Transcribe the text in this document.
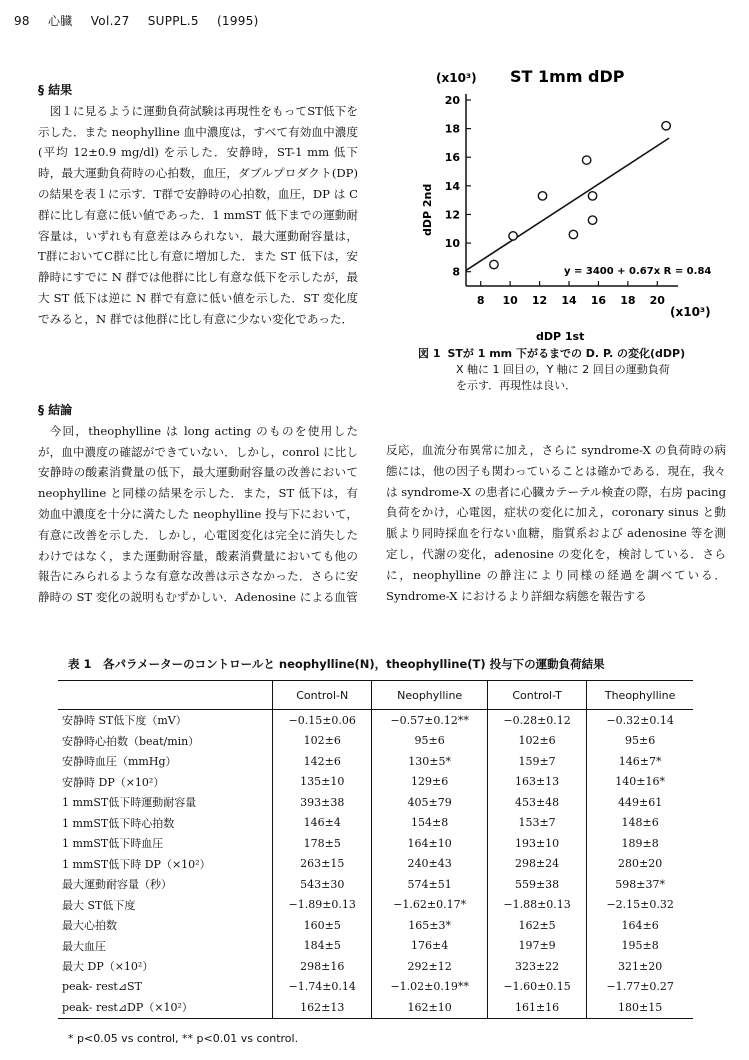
98 心臓 Vol.27 SUPPL.5 (1995)

§ 結果

図１に見るように運動負荷試験は再現性をもってST低下を示した．また neophylline 血中濃度は，すべて有効血中濃度(平均 12±0.9 mg/dl) を示した．安静時，ST-1 mm 低下時，最大運動負荷時の心拍数，血圧，ダブルプロダクト(DP)の結果を表１に示す．T群で安静時の心拍数，血圧，DP は C 群に比し有意に低い値であった．1 mmST 低下までの運動耐容量は，いずれも有意差はみられない．最大運動耐容量は，T群においてC群に比し有意に増加した．また ST 低下は，安静時にすでに N 群では他群に比し有意な低下を示したが，最大 ST 低下は逆に N 群で有意に低い値を示した．ST 変化度でみると，N 群では他群に比し有意に少ない変化であった．

§ 結論

今回，theophylline は long acting のものを使用したが，血中濃度の確認ができていない．しかし，conrol に比し安静時の酸素消費量の低下，最大運動耐容量の改善において neophylline と同様の結果を示した．また，ST 低下は，有効血中濃度を十分に満たした neophylline 投与下において，有意に改善を示した．しかし，心電図変化は完全に消失したわけではなく，また運動耐容量，酸素消費量においても他の報告にみられるような有意な改善は示さなかった．さらに安静時の ST 変化の説明もむずかしい．Adenosine による血管

反応，血流分布異常に加え，さらに syndrome-X の負荷時の病態には，他の因子も関わっていることは確かである．現在，我々は syndrome-X の患者に心臓カテーテル検査の際，右房 pacing 負荷をかけ，心電図，症状の変化に加え，coronary sinus と動脈より同時採血を行ない血糖，脂質系および adenosine 等を測定し，代謝の変化，adenosine の変化を，検討している．さらに，neophylline の静注により同様の経過を調べている．Syndrome-X におけるより詳細な病態を報告する

(x10³) ST 1mm dDP
8
10
12
14
16
18
20
8 10 12 14 16 18 20
y = 3400 + 0.67x R = 0.84
(x10³)
dDP 1st
dDP 2nd
図 1 STが 1 mm 下がるまでの D. P. の変化(dDP)
X 軸に 1 回目の，Y 軸に 2 回目の運動負荷
を示す．再現性は良い．
表 1　各パラメーターのコントロールと neophylline(N)，theophylline(T) 投与下の運動負荷結果
	Control-N	Neophylline	Control-T	Theophylline
安静時 ST低下度（mV）	−0.15±0.06	−0.57±0.12**	−0.28±0.12	−0.32±0.14
安静時心拍数（beat/min）	102±6	95±6	102±6	95±6
安静時血圧（mmHg）	142±6	130±5*	159±7	146±7*
安静時 DP（×10²）	135±10	129±6	163±13	140±16*
1 mmST低下時運動耐容量	393±38	405±79	453±48	449±61
1 mmST低下時心拍数	146±4	154±8	153±7	148±6
1 mmST低下時血圧	178±5	164±10	193±10	189±8
1 mmST低下時 DP（×10²）	263±15	240±43	298±24	280±20
最大運動耐容量（秒）	543±30	574±51	559±38	598±37*
最大 ST低下度	−1.89±0.13	−1.62±0.17*	−1.88±0.13	−2.15±0.32
最大心拍数	160±5	165±3*	162±5	164±6
最大血圧	184±5	176±4	197±9	195±8
最大 DP（×10²）	298±16	292±12	323±22	321±20
peak‐ rest⊿ST	−1.74±0.14	−1.02±0.19**	−1.60±0.15	−1.77±0.27
peak‐ rest⊿DP（×10²）	162±13	162±10	161±16	180±15
* p<0.05 vs control, ** p<0.01 vs control.
